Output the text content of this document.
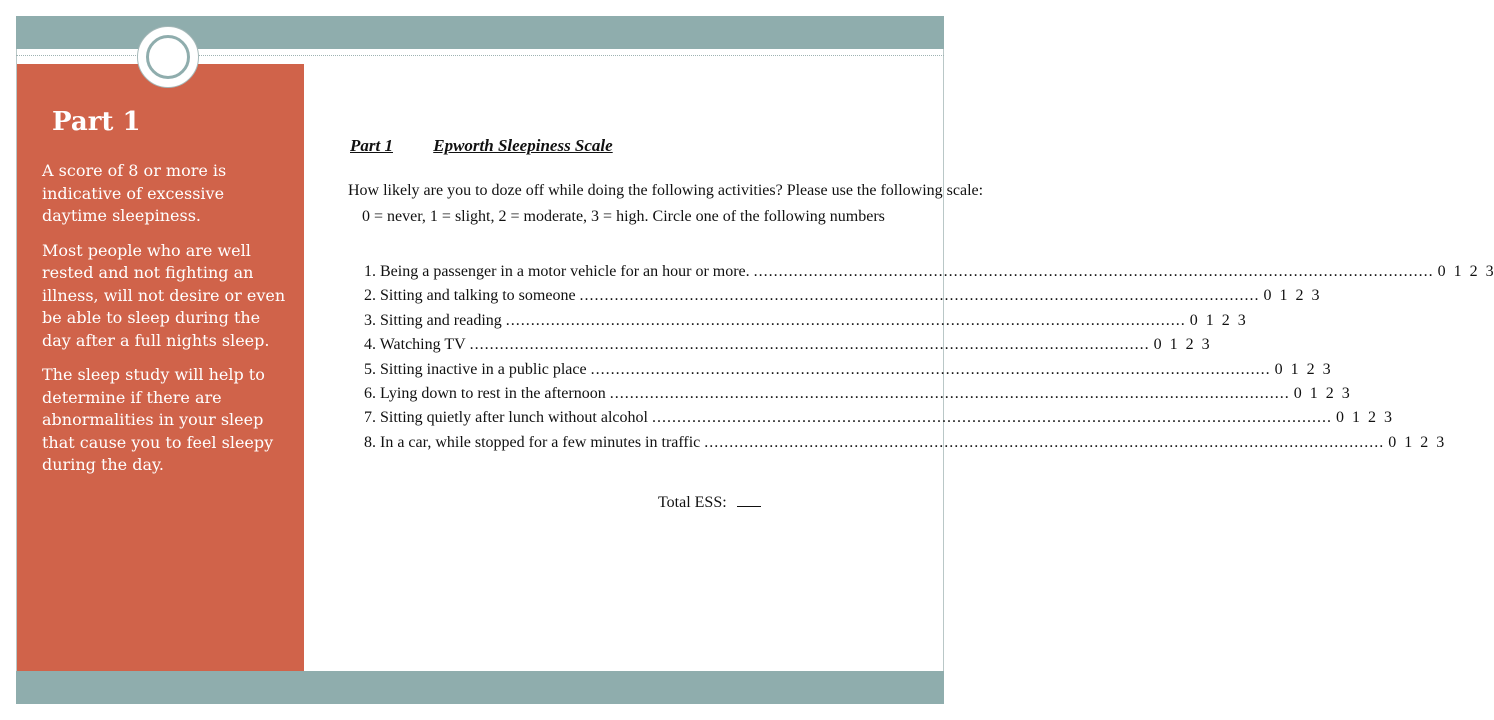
Part 1

A score of 8 or more is indicative of excessive daytime sleepiness.

Most people who are well rested and not fighting an illness, will not desire or even be able to sleep during the day after a full nights sleep.

The sleep study will help to determine if there are abnormalities in your sleep that cause you to feel sleepy during the day.

Part 1 Epworth Sleepiness Scale
How likely are you to doze off while doing the following activities? Please use the following scale:
0 = never, 1 = slight, 2 = moderate, 3 = high. Circle one of the following numbers
1. Being a passenger in a motor vehicle for an hour or more. .....	0 1 2 3
2. Sitting and talking to someone .....	0 1 2 3
3. Sitting and reading .....	0 1 2 3
4. Watching TV .....	0 1 2 3
5. Sitting inactive in a public place .....	0 1 2 3
6. Lying down to rest in the afternoon .....	0 1 2 3
7. Sitting quietly after lunch without alcohol .....	0 1 2 3
8. In a car, while stopped for a few minutes in traffic .....	0 1 2 3
Total ESS:
